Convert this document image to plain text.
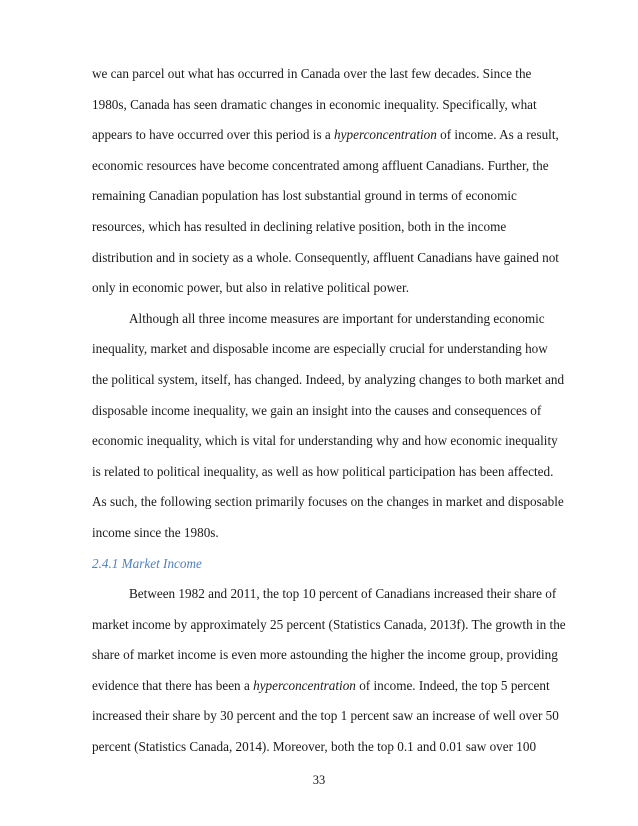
we can parcel out what has occurred in Canada over the last few decades. Since the
1980s, Canada has seen dramatic changes in economic inequality. Specifically, what
appears to have occurred over this period is a hyperconcentration of income. As a result,
economic resources have become concentrated among affluent Canadians. Further, the
remaining Canadian population has lost substantial ground in terms of economic
resources, which has resulted in declining relative position, both in the income
distribution and in society as a whole. Consequently, affluent Canadians have gained not
only in economic power, but also in relative political power.
Although all three income measures are important for understanding economic
inequality, market and disposable income are especially crucial for understanding how
the political system, itself, has changed. Indeed, by analyzing changes to both market and
disposable income inequality, we gain an insight into the causes and consequences of
economic inequality, which is vital for understanding why and how economic inequality
is related to political inequality, as well as how political participation has been affected.
As such, the following section primarily focuses on the changes in market and disposable
income since the 1980s.
2.4.1 Market Income
Between 1982 and 2011, the top 10 percent of Canadians increased their share of
market income by approximately 25 percent (Statistics Canada, 2013f). The growth in the
share of market income is even more astounding the higher the income group, providing
evidence that there has been a hyperconcentration of income. Indeed, the top 5 percent
increased their share by 30 percent and the top 1 percent saw an increase of well over 50
percent (Statistics Canada, 2014). Moreover, both the top 0.1 and 0.01 saw over 100
33
